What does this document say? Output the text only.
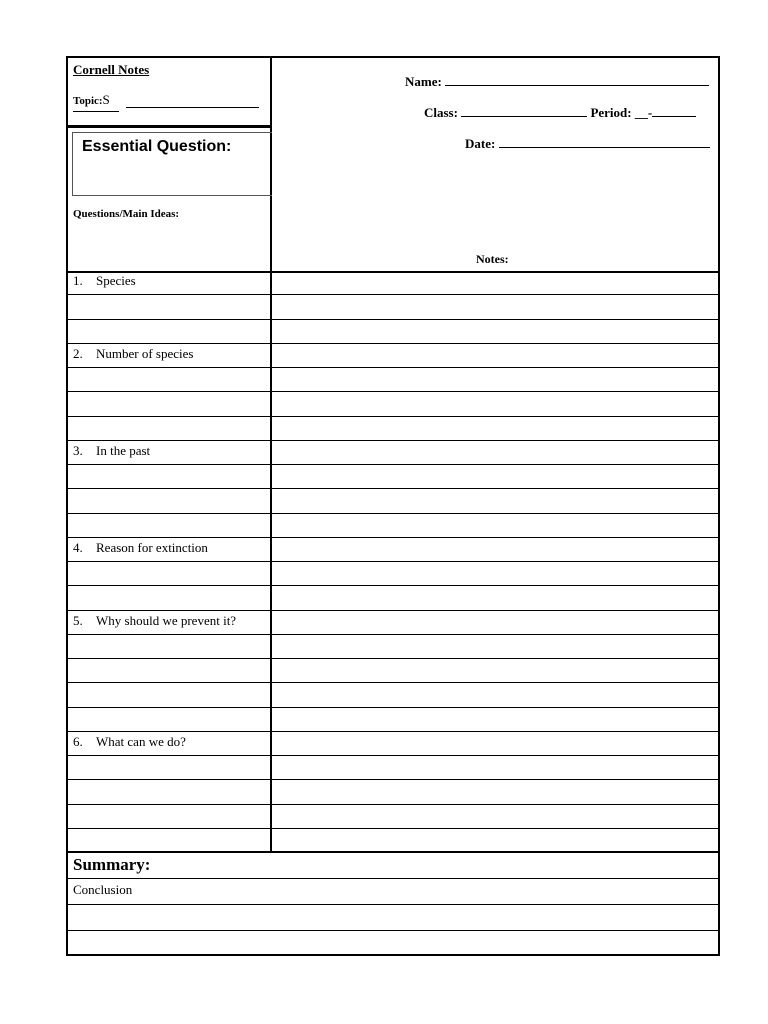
Cornell Notes
Topic:S
Essential Question:
Questions/Main Ideas:
Name:
Class:	Period: __-
Date:
Notes:
1. Species
2. Number of species
3. In the past
4. Reason for extinction
5. Why should we prevent it?
6. What can we do?
Summary:
Conclusion
